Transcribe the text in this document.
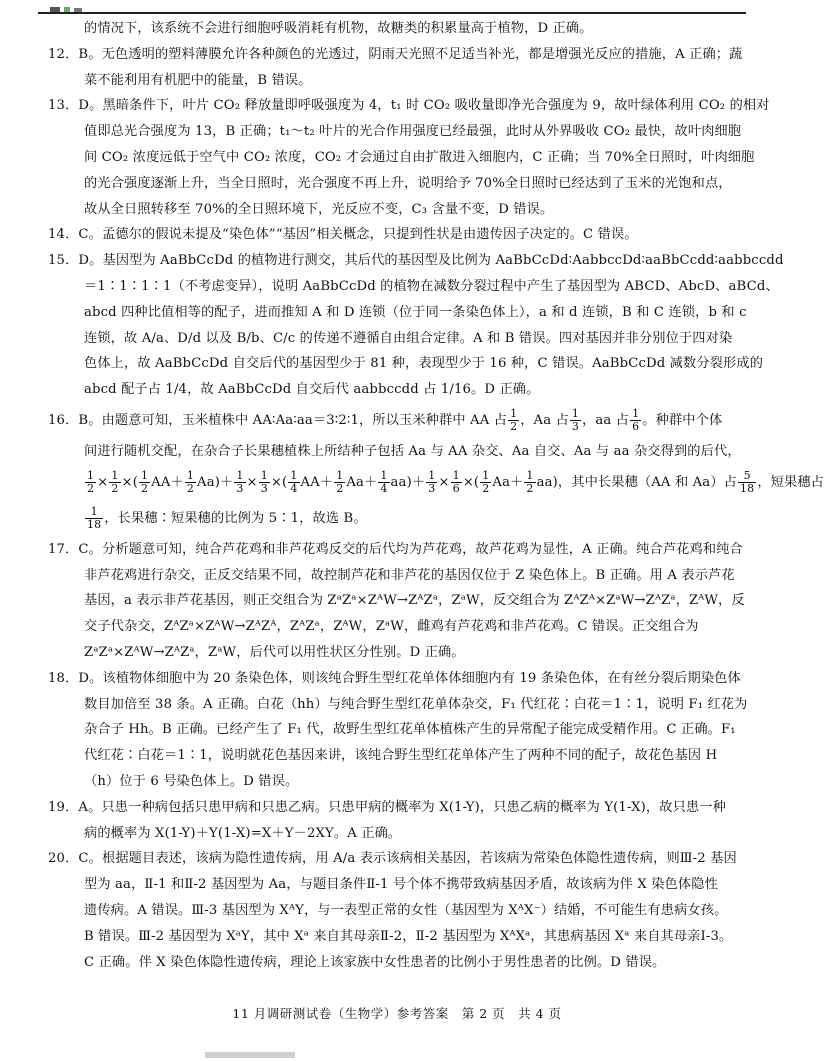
的情况下，该系统不会进行细胞呼吸消耗有机物，故糖类的积累量高于植物，D 正确。
12．B。无色透明的塑料薄膜允许各种颜色的光透过，阴雨天光照不足适当补光，都是增强光反应的措施，A 正确；蔬
菜不能利用有机肥中的能量，B 错误。
13．D。黑暗条件下，叶片 CO₂ 释放量即呼吸强度为 4，t₁ 时 CO₂ 吸收量即净光合强度为 9，故叶绿体利用 CO₂ 的相对
值即总光合强度为 13，B 正确；t₁～t₂ 叶片的光合作用强度已经最强，此时从外界吸收 CO₂ 最快，故叶肉细胞
间 CO₂ 浓度远低于空气中 CO₂ 浓度，CO₂ 才会通过自由扩散进入细胞内，C 正确；当 70%全日照时，叶肉细胞
的光合强度逐渐上升，当全日照时，光合强度不再上升，说明给予 70%全日照时已经达到了玉米的光饱和点，
故从全日照转移至 70%的全日照环境下，光反应不变，C₃ 含量不变，D 错误。
14．C。孟德尔的假说未提及“染色体”“基因”相关概念，只提到性状是由遗传因子决定的。C 错误。
15．D。基因型为 AaBbCcDd 的植物进行测交，其后代的基因型及比例为 AaBbCcDd∶AabbccDd∶aaBbCcdd∶aabbccdd
＝1∶1∶1∶1（不考虑变异），说明 AaBbCcDd 的植物在减数分裂过程中产生了基因型为 ABCD、AbcD、aBCd、
abcd 四种比值相等的配子，进而推知 A 和 D 连锁（位于同一条染色体上），a 和 d 连锁，B 和 C 连锁，b 和 c
连锁，故 A/a、D/d 以及 B/b、C/c 的传递不遵循自由组合定律。A 和 B 错误。四对基因并非分别位于四对染
色体上，故 AaBbCcDd 自交后代的基因型少于 81 种，表现型少于 16 种，C 错误。AaBbCcDd 减数分裂形成的
abcd 配子占 1/4，故 AaBbCcDd 自交后代 aabbccdd 占 1/16。D 正确。
16．B。由题意可知，玉米植株中 AA∶Aa∶aa＝3∶2∶1，所以玉米种群中 AA 占 $\frac{1}{2}$ ，Aa 占 $\frac{1}{3}$ ，aa 占 $\frac{1}{6}$ 。种群中个体
间进行随机交配，在杂合子长果穗植株上所结种子包括 Aa 与 AA 杂交、Aa 自交、Aa 与 aa 杂交得到的后代，
$\frac{1}{2} \times \frac{1}{2}$ ×( $\frac{1}{2} AA+ \frac{1}{2} Aa)+ \frac{1}{3} \times \frac{1}{3}$ ×( $\frac{1}{4} AA+ \frac{1}{2} Aa+ \frac{1}{4} aa)+ \frac{1}{3} \times \frac{1}{6}$ ×( $\frac{1}{2} Aa+ \frac{1}{2} aa$)，其中长果穗（AA 和 Aa）占 $\frac{5}{18}$ ，短果穗占
$\frac{1}{18}$ ，长果穗∶短果穗的比例为 5∶1，故选 B。
17．C。分析题意可知，纯合芦花鸡和非芦花鸡反交的后代均为芦花鸡，故芦花鸡为显性，A 正确。纯合芦花鸡和纯合
非芦花鸡进行杂交，正反交结果不同，故控制芦花和非芦花的基因仅位于 Z 染色体上。B 正确。用 A 表示芦花
基因，a 表示非芦花基因，则正交组合为 ZᵃZᵃ×ZᴬW→ZᴬZᵃ，ZᵃW，反交组合为 ZᴬZᴬ×ZᵃW→ZᴬZᵃ，ZᴬW，反
交子代杂交，ZᴬZᵃ×ZᴬW→ZᴬZᴬ，ZᴬZᵃ，ZᴬW，ZᵃW，雌鸡有芦花鸡和非芦花鸡。C 错误。正交组合为
ZᵃZᵃ×ZᴬW→ZᴬZᵃ，ZᵃW，后代可以用性状区分性别。D 正确。
18．D。该植物体细胞中为 20 条染色体，则该纯合野生型红花单体体细胞内有 19 条染色体，在有丝分裂后期染色体
数目加倍至 38 条。A 正确。白花（hh）与纯合野生型红花单体杂交，F₁ 代红花∶白花＝1∶1，说明 F₁ 红花为
杂合子 Hh。B 正确。已经产生了 F₁ 代，故野生型红花单体植株产生的异常配子能完成受精作用。C 正确。F₁
代红花∶白花＝1∶1，说明就花色基因来讲，该纯合野生型红花单体产生了两种不同的配子，故花色基因 H
（h）位于 6 号染色体上。D 错误。
19．A。只患一种病包括只患甲病和只患乙病。只患甲病的概率为 X(1-Y)，只患乙病的概率为 Y(1-X)，故只患一种
病的概率为 X(1-Y)＋Y(1-X)=X＋Y－2XY。A 正确。
20．C。根据题目表述，该病为隐性遗传病，用 A/a 表示该病相关基因，若该病为常染色体隐性遗传病，则Ⅲ-2 基因
型为 aa，Ⅱ-1 和Ⅱ-2 基因型为 Aa，与题目条件Ⅱ-1 号个体不携带致病基因矛盾，故该病为伴 X 染色体隐性
遗传病。A 错误。Ⅲ-3 基因型为 XᴬY，与一表型正常的女性（基因型为 XᴬX⁻）结婚，不可能生有患病女孩。
B 错误。Ⅲ-2 基因型为 XᵃY，其中 Xᵃ 来自其母亲Ⅱ-2，Ⅱ-2 基因型为 XᴬXᵃ，其患病基因 Xᵃ 来自其母亲Ⅰ-3。
C 正确。伴 X 染色体隐性遗传病，理论上该家族中女性患者的比例小于男性患者的比例。D 错误。
11 月调研测试卷（生物学）参考答案　第 2 页　共 4 页
